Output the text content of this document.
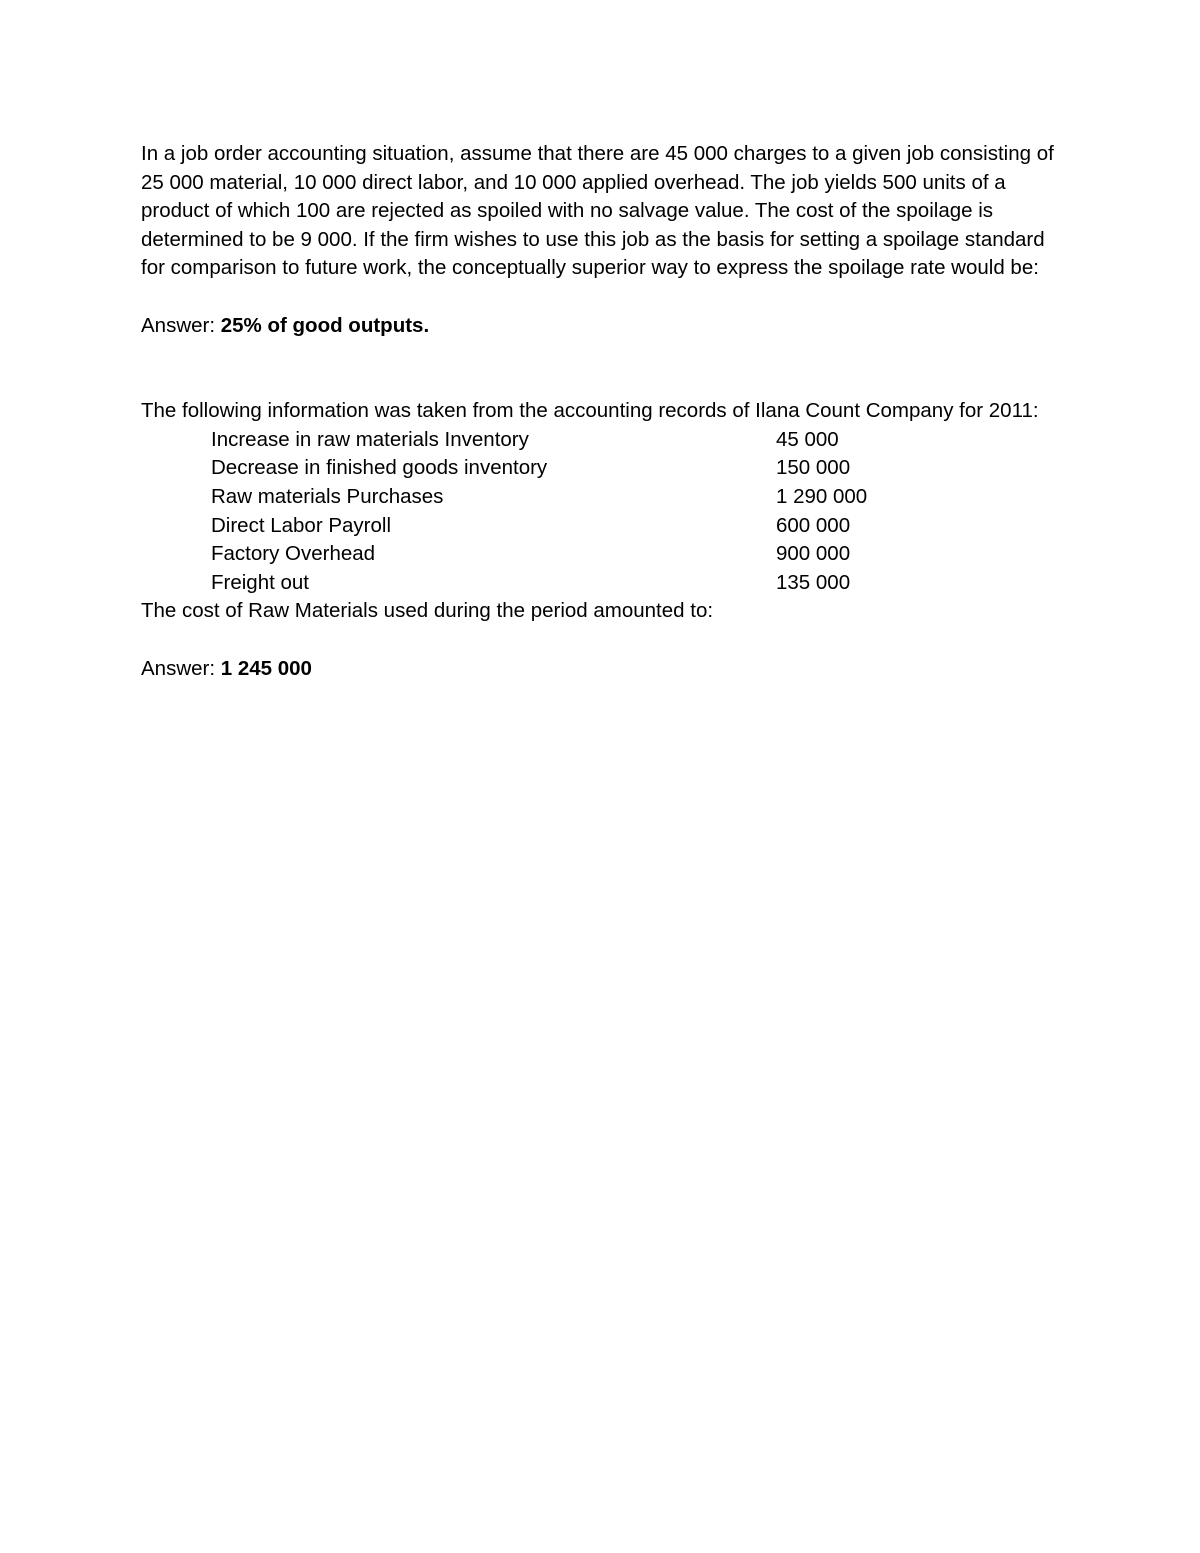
In a job order accounting situation, assume that there are 45 000 charges to a given job consisting of 25 000 material, 10 000 direct labor, and 10 000 applied overhead. The job yields 500 units of a product of which 100 are rejected as spoiled with no salvage value. The cost of the spoilage is determined to be 9 000. If the firm wishes to use this job as the basis for setting a spoilage standard for comparison to future work, the conceptually superior way to express the spoilage rate would be:

Answer: 25% of good outputs.

The following information was taken from the accounting records of Ilana Count Company for 2011:

Increase in raw materials Inventory	45 000
Decrease in finished goods inventory	150 000
Raw materials Purchases	1 290 000
Direct Labor Payroll	600 000
Factory Overhead	900 000
Freight out	135 000

The cost of Raw Materials used during the period amounted to:

Answer: 1 245 000
